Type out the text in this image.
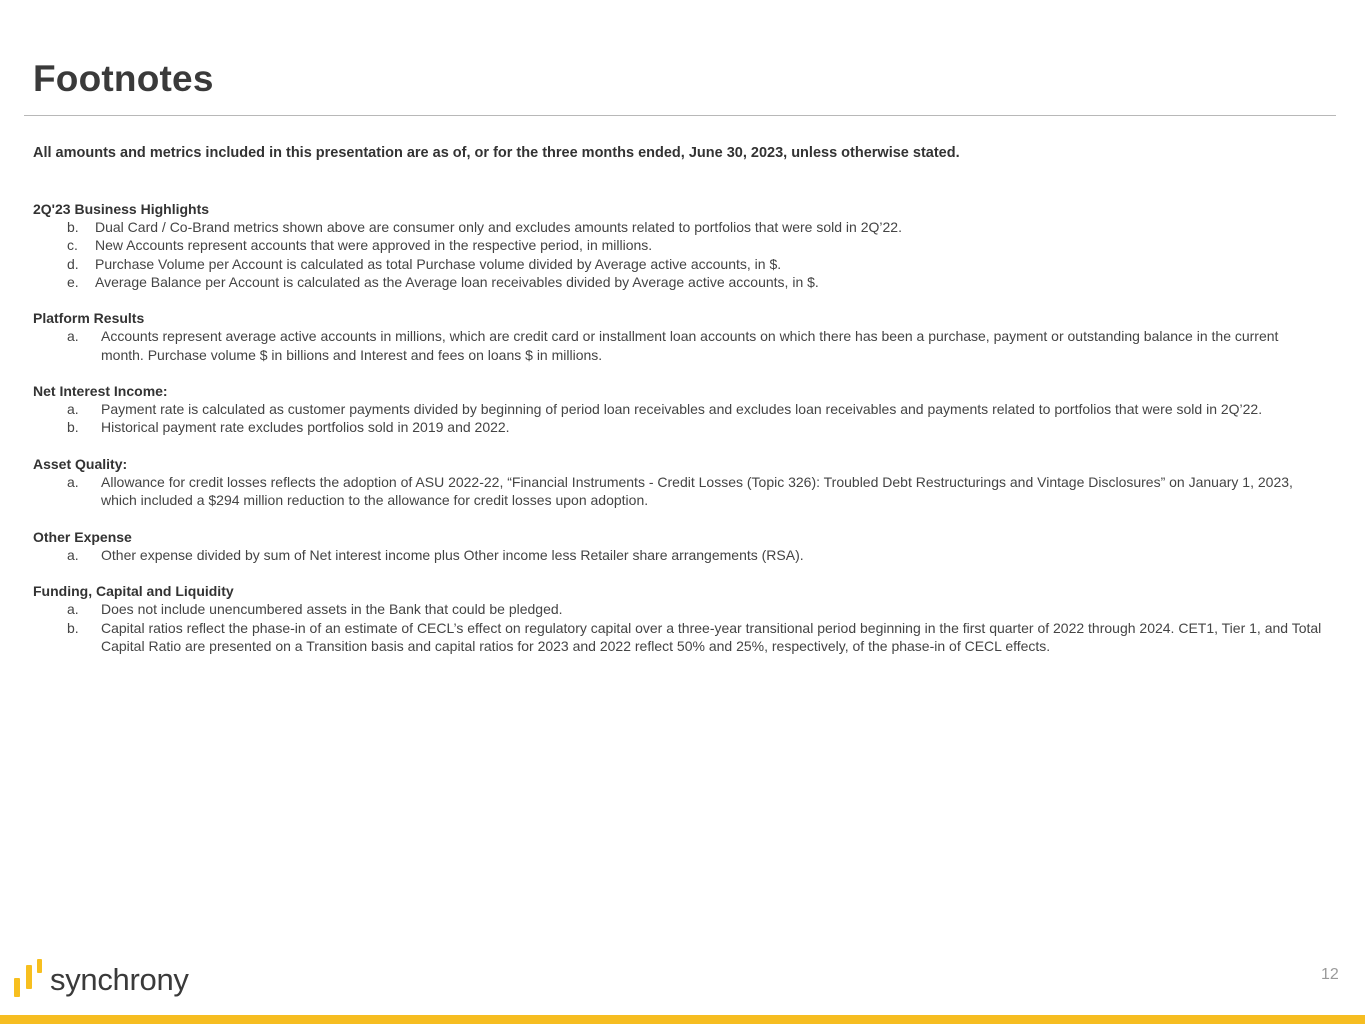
Footnotes

All amounts and metrics included in this presentation are as of, or for the three months ended, June 30, 2023, unless otherwise stated.

2Q'23 Business Highlights
b.	Dual Card / Co-Brand metrics shown above are consumer only and excludes amounts related to portfolios that were sold in 2Q’22.
c.	New Accounts represent accounts that were approved in the respective period, in millions.
d.	Purchase Volume per Account is calculated as total Purchase volume divided by Average active accounts, in $.
e.	Average Balance per Account is calculated as the Average loan receivables divided by Average active accounts, in $.
Platform Results
a.	Accounts represent average active accounts in millions, which are credit card or installment loan accounts on which there has been a purchase, payment or outstanding balance in the current month. Purchase volume $ in billions and Interest and fees on loans $ in millions.
Net Interest Income:
a.	Payment rate is calculated as customer payments divided by beginning of period loan receivables and excludes loan receivables and payments related to portfolios that were sold in 2Q’22.
b.	Historical payment rate excludes portfolios sold in 2019 and 2022.
Asset Quality:
a.	Allowance for credit losses reflects the adoption of ASU 2022-22, “Financial Instruments - Credit Losses (Topic 326): Troubled Debt Restructurings and Vintage Disclosures” on January 1, 2023, which included a $294 million reduction to the allowance for credit losses upon adoption.
Other Expense
a.	Other expense divided by sum of Net interest income plus Other income less Retailer share arrangements (RSA).
Funding, Capital and Liquidity
a.	Does not include unencumbered assets in the Bank that could be pledged.
b.	Capital ratios reflect the phase-in of an estimate of CECL’s effect on regulatory capital over a three-year transitional period beginning in the first quarter of 2022 through 2024. CET1, Tier 1, and Total Capital Ratio are presented on a Transition basis and capital ratios for 2023 and 2022 reflect 50% and 25%, respectively, of the phase-in of CECL effects.
synchrony	12
